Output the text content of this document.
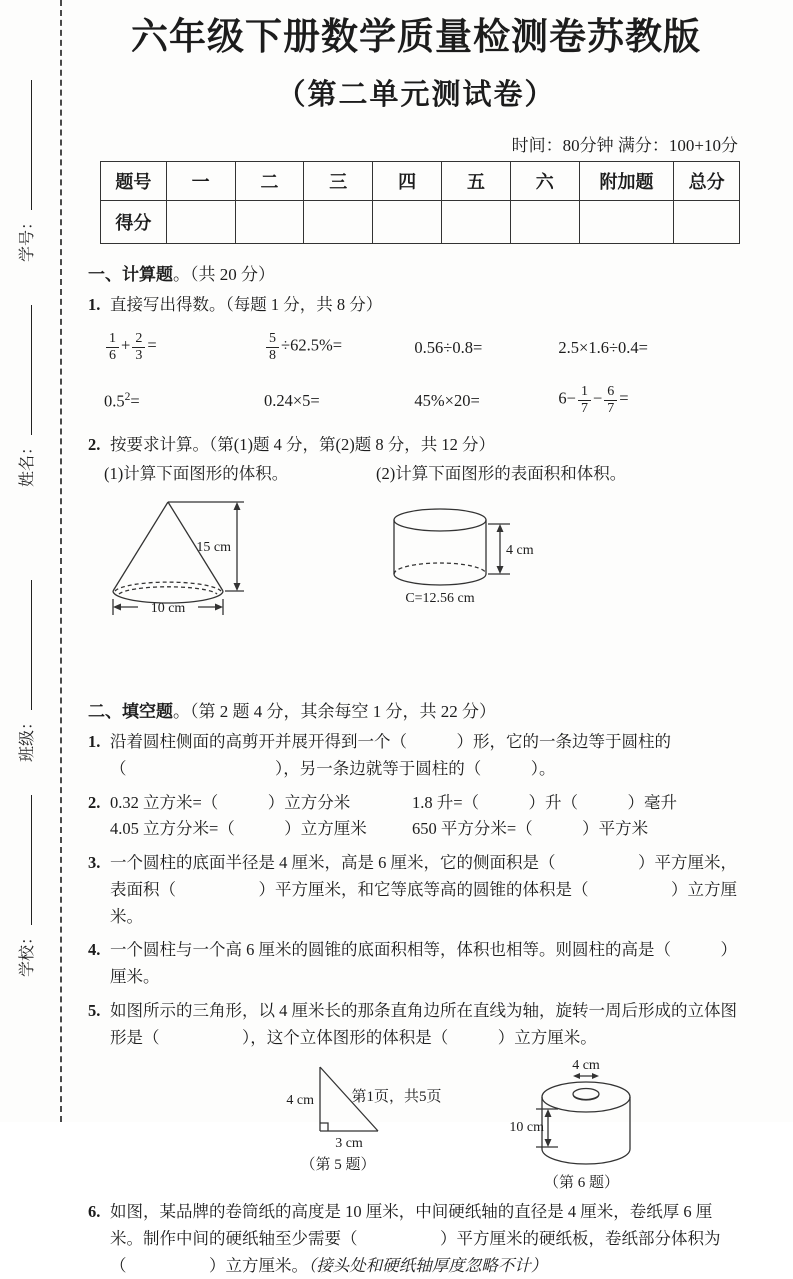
学号：
姓名：
班级：
学校：
六年级下册数学质量检测卷苏教版
（第二单元测试卷）
时间：80分钟 满分：100+10分
题号	一	二	三	四	五	六	附加题	总分
得分								
一、计算题。（共 20 分）
1. 直接写出得数。（每题 1 分，共 8 分）
$\frac{1}{6} + \frac{2}{3}$ =	$\frac{5}{8} \div 62.5\%=$	0.56÷0.8=	2.5×1.6÷0.4=
$0.5^2=$	0.24×5=	45%×20=	$6- \frac{1}{7} - \frac{6}{7}$ =
2. 按要求计算。（第(1)题 4 分，第(2)题 8 分，共 12 分）
(1)计算下面图形的体积。	(2)计算下面图形的表面积和体积。
15 cm
10 cm
4 cm
C=12.56 cm
二、填空题。（第 2 题 4 分，其余每空 1 分，共 22 分）
1. 沿着圆柱侧面的高剪开并展开得到一个（　　　）形，它的一条边等于圆柱的（　　　　　　　　　），另一条边就等于圆柱的（　　　）。
2. 0.32 立方米=（　　　）立方分米	1.8 升=（　　　）升（　　　）毫升
4.05 立方分米=（　　　）立方厘米	650 平方分米=（　　　）平方米
3. 一个圆柱的底面半径是 4 厘米，高是 6 厘米，它的侧面积是（　　　　　）平方厘米，表面积（　　　　　）平方厘米，和它等底等高的圆锥的体积是（　　　　　）立方厘米。
4. 一个圆柱与一个高 6 厘米的圆锥的底面积相等，体积也相等。则圆柱的高是（　　　）厘米。
5. 如图所示的三角形，以 4 厘米长的那条直角边所在直线为轴，旋转一周后形成的立体图形是（　　　　　），这个立体图形的体积是（　　　）立方厘米。
4 cm
3 cm
（第 5 题）
4 cm
10 cm
（第 6 题）
6. 如图，某品牌的卷筒纸的高度是 10 厘米，中间硬纸轴的直径是 4 厘米，卷纸厚 6 厘米。制作中间的硬纸轴至少需要（　　　　　）平方厘米的硬纸板，卷纸部分体积为（　　　　　）立方厘米。（接头处和硬纸轴厚度忽略不计）
第1页，共5页
